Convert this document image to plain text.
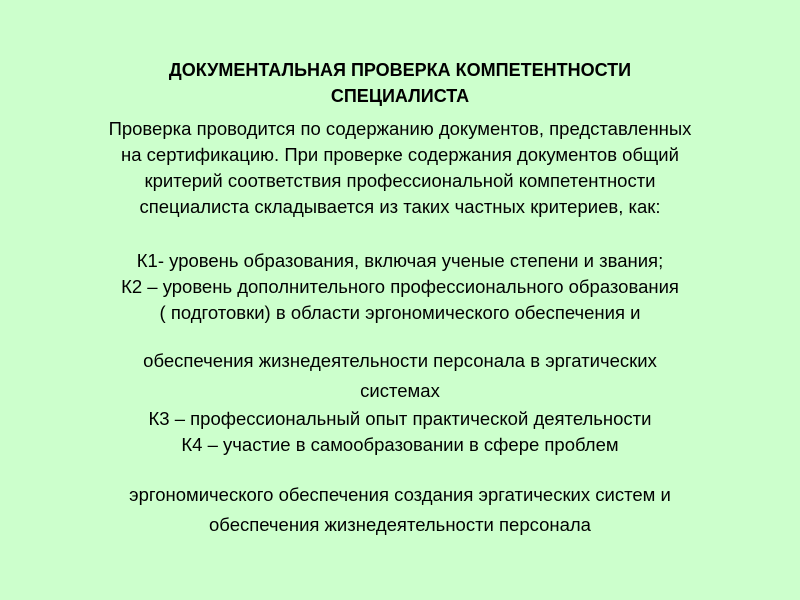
ДОКУМЕНТАЛЬНАЯ ПРОВЕРКА КОМПЕТЕНТНОСТИ
СПЕЦИАЛИСТА
Проверка проводится по содержанию документов, представленных
на сертификацию. При проверке содержания документов общий
критерий соответствия профессиональной компетентности
специалиста складывается из таких частных критериев, как:
К1- уровень образования, включая ученые степени и звания;
К2 – уровень дополнительного профессионального образования
( подготовки) в области эргономического обеспечения и
обеспечения жизнедеятельности персонала в эргатических
системах
К3 – профессиональный опыт практической деятельности
К4 – участие в самообразовании в сфере проблем
эргономического обеспечения создания эргатических систем и
обеспечения жизнедеятельности персонала
